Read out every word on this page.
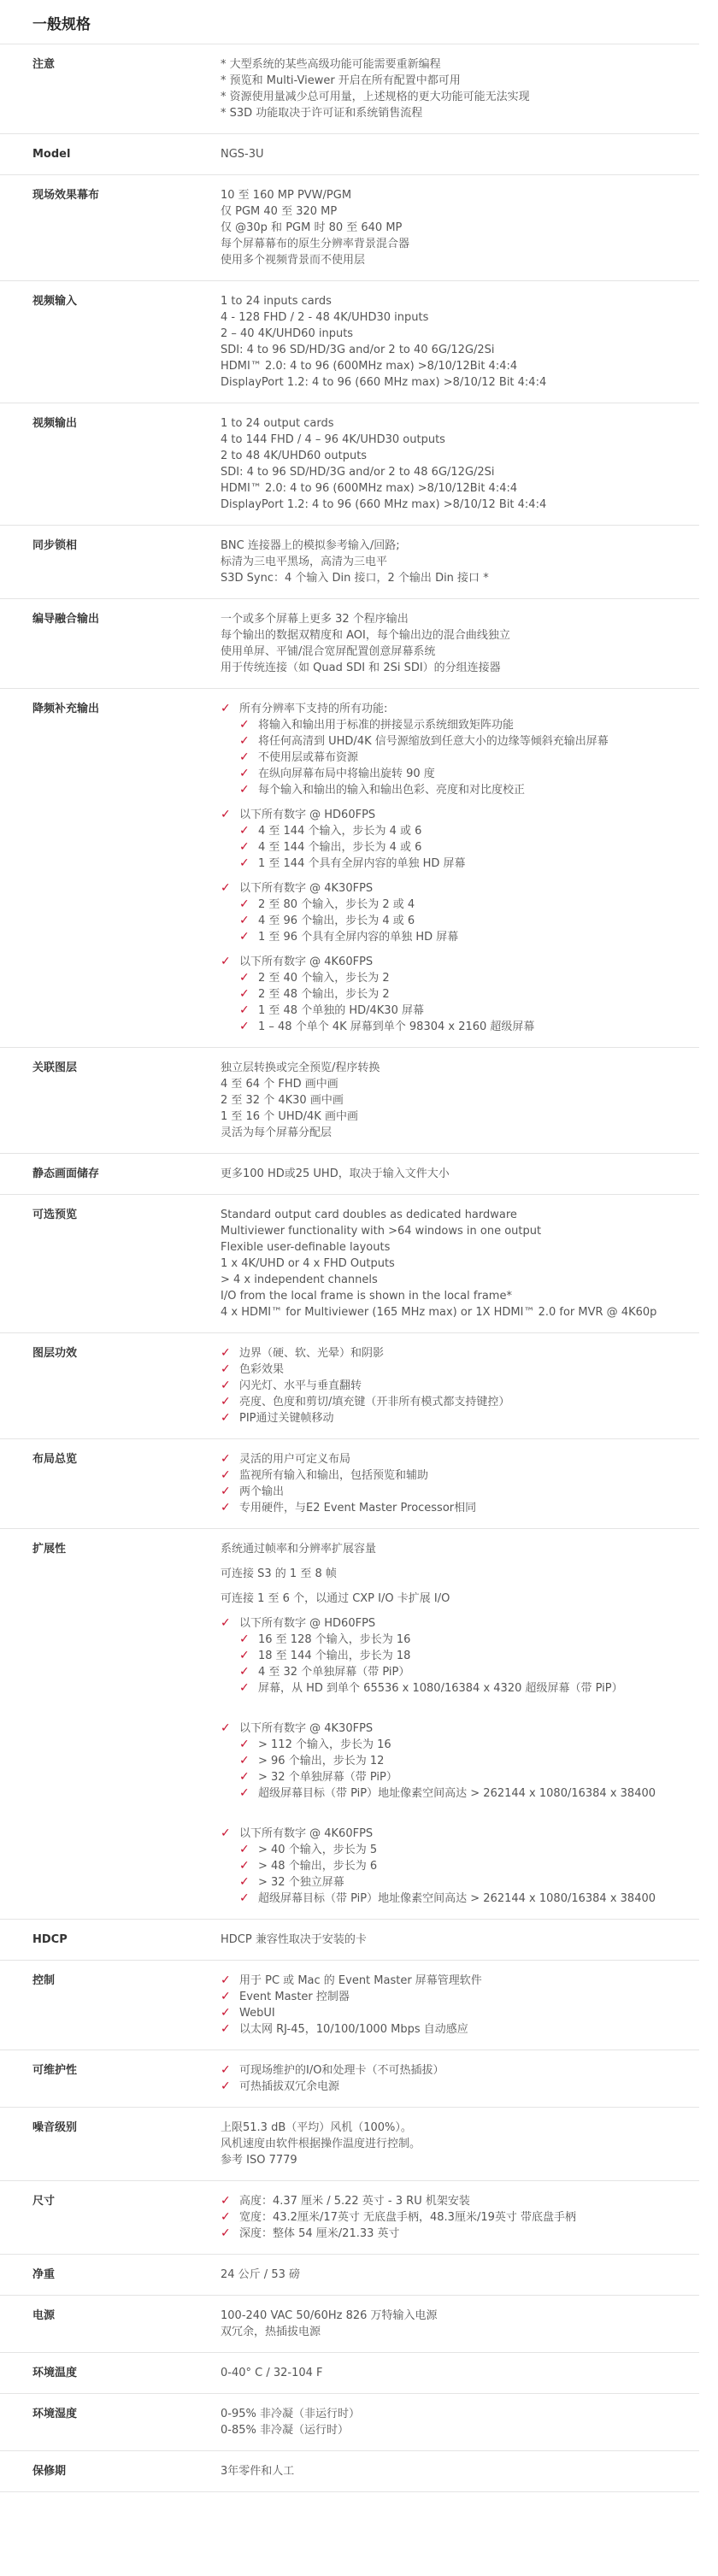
一般规格
注意	* 大型系统的某些高级功能可能需要重新编程
* 预览和 Multi-Viewer 开启在所有配置中都可用
* 资源使用量减少总可用量，上述规格的更大功能可能无法实现
* S3D 功能取决于许可证和系统销售流程
Model	NGS-3U
现场效果幕布	10 至 160 MP PVW/PGM
仅 PGM 40 至 320 MP
仅 @30p 和 PGM 时 80 至 640 MP
每个屏幕幕布的原生分辨率背景混合器
使用多个视频背景而不使用层
视频输入	1 to 24 inputs cards
4 - 128 FHD / 2 - 48 4K/UHD30 inputs
2 – 40 4K/UHD60 inputs
SDI: 4 to 96 SD/HD/3G and/or 2 to 40 6G/12G/2Si
HDMI™ 2.0: 4 to 96 (600MHz max) >8/10/12Bit 4:4:4
DisplayPort 1.2: 4 to 96 (660 MHz max) >8/10/12 Bit 4:4:4
视频输出	1 to 24 output cards
4 to 144 FHD / 4 – 96 4K/UHD30 outputs
2 to 48 4K/UHD60 outputs
SDI: 4 to 96 SD/HD/3G and/or 2 to 48 6G/12G/2Si
HDMI™ 2.0: 4 to 96 (600MHz max) >8/10/12Bit 4:4:4
DisplayPort 1.2: 4 to 96 (660 MHz max) >8/10/12 Bit 4:4:4
同步锁相	BNC 连接器上的模拟参考输入/回路;
标清为三电平黑场，高清为三电平
S3D Sync：4 个输入 Din 接口，2 个输出 Din 接口 *
编导融合输出	一个或多个屏幕上更多 32 个程序输出
每个输出的数据双精度和 AOI，每个输出边的混合曲线独立
使用单屏、平铺/混合宽屏配置创意屏幕系统
用于传统连接（如 Quad SDI 和 2Si SDI）的分组连接器
降频补充输出	✓ 所有分辨率下支持的所有功能:
✓ 将输入和输出用于标准的拼接显示系统细致矩阵功能
✓ 将任何高清到 UHD/4K 信号源缩放到任意大小的边缘等倾斜充输出屏幕
✓ 不使用层或幕布资源
✓ 在纵向屏幕布局中将输出旋转 90 度
✓ 每个输入和输出的输入和输出色彩、亮度和对比度校正
✓ 以下所有数字 @ HD60FPS
✓ 4 至 144 个输入，步长为 4 或 6
✓ 4 至 144 个输出，步长为 4 或 6
✓ 1 至 144 个具有全屏内容的单独 HD 屏幕
✓ 以下所有数字 @ 4K30FPS
✓ 2 至 80 个输入，步长为 2 或 4
✓ 4 至 96 个输出，步长为 4 或 6
✓ 1 至 96 个具有全屏内容的单独 HD 屏幕
✓ 以下所有数字 @ 4K60FPS
✓ 2 至 40 个输入，步长为 2
✓ 2 至 48 个输出，步长为 2
✓ 1 至 48 个单独的 HD/4K30 屏幕
✓ 1 – 48 个单个 4K 屏幕到单个 98304 x 2160 超级屏幕
关联图层	独立层转换或完全预览/程序转换
4 至 64 个 FHD 画中画
2 至 32 个 4K30 画中画
1 至 16 个 UHD/4K 画中画
灵活为每个屏幕分配层
静态画面储存	更多100 HD或25 UHD，取决于输入文件大小
可选预览	Standard output card doubles as dedicated hardware
Multiviewer functionality with >64 windows in one output
Flexible user-definable layouts
1 x 4K/UHD or 4 x FHD Outputs
> 4 x independent channels
I/O from the local frame is shown in the local frame*
4 x HDMI™ for Multiviewer (165 MHz max) or 1X HDMI™ 2.0 for MVR @ 4K60p
图层功效	✓ 边界（硬、软、光晕）和阴影
✓ 色彩效果
✓ 闪光灯、水平与垂直翻转
✓ 亮度、色度和剪切/填充键（开非所有模式都支持键控）
✓ PIP通过关键帧移动
布局总览	✓ 灵活的用户可定义布局
✓ 监视所有输入和输出，包括预览和辅助
✓ 两个输出
✓ 专用硬件，与E2 Event Master Processor相同
扩展性	系统通过帧率和分辨率扩展容量
可连接 S3 的 1 至 8 帧
可连接 1 至 6 个，以通过 CXP I/O 卡扩展 I/O
✓ 以下所有数字 @ HD60FPS
✓ 16 至 128 个输入，步长为 16
✓ 18 至 144 个输出，步长为 18
✓ 4 至 32 个单独屏幕（带 PiP）
✓ 屏幕，从 HD 到单个 65536 x 1080/16384 x 4320 超级屏幕（带 PiP）
✓ 以下所有数字 @ 4K30FPS
✓ > 112 个输入，步长为 16
✓ > 96 个输出，步长为 12
✓ > 32 个单独屏幕（带 PiP）
✓ 超级屏幕目标（带 PiP）地址像素空间高达 > 262144 x 1080/16384 x 38400
✓ 以下所有数字 @ 4K60FPS
✓ > 40 个输入，步长为 5
✓ > 48 个输出，步长为 6
✓ > 32 个独立屏幕
✓ 超级屏幕目标（带 PiP）地址像素空间高达 > 262144 x 1080/16384 x 38400
HDCP	HDCP 兼容性取决于安装的卡
控制	✓ 用于 PC 或 Mac 的 Event Master 屏幕管理软件
✓ Event Master 控制器
✓ WebUI
✓ 以太网 RJ-45，10/100/1000 Mbps 自动感应
可维护性	✓ 可现场维护的I/O和处理卡（不可热插拔）
✓ 可热插拔双冗余电源
噪音级别	上限51.3 dB（平均）风机（100%）。
风机速度由软件根据操作温度进行控制。
参考 ISO 7779
尺寸	✓ 高度：4.37 厘米 / 5.22 英寸 - 3 RU 机架安装
✓ 宽度：43.2厘米/17英寸 无底盘手柄，48.3厘米/19英寸 带底盘手柄
✓ 深度：整体 54 厘米/21.33 英寸
净重	24 公斤 / 53 磅
电源	100-240 VAC 50/60Hz 826 万特输入电源
双冗余，热插拔电源
环境温度	0-40° C / 32-104 F
环境湿度	0-95% 非冷凝（非运行时）
0-85% 非冷凝（运行时）
保修期	3年零件和人工
